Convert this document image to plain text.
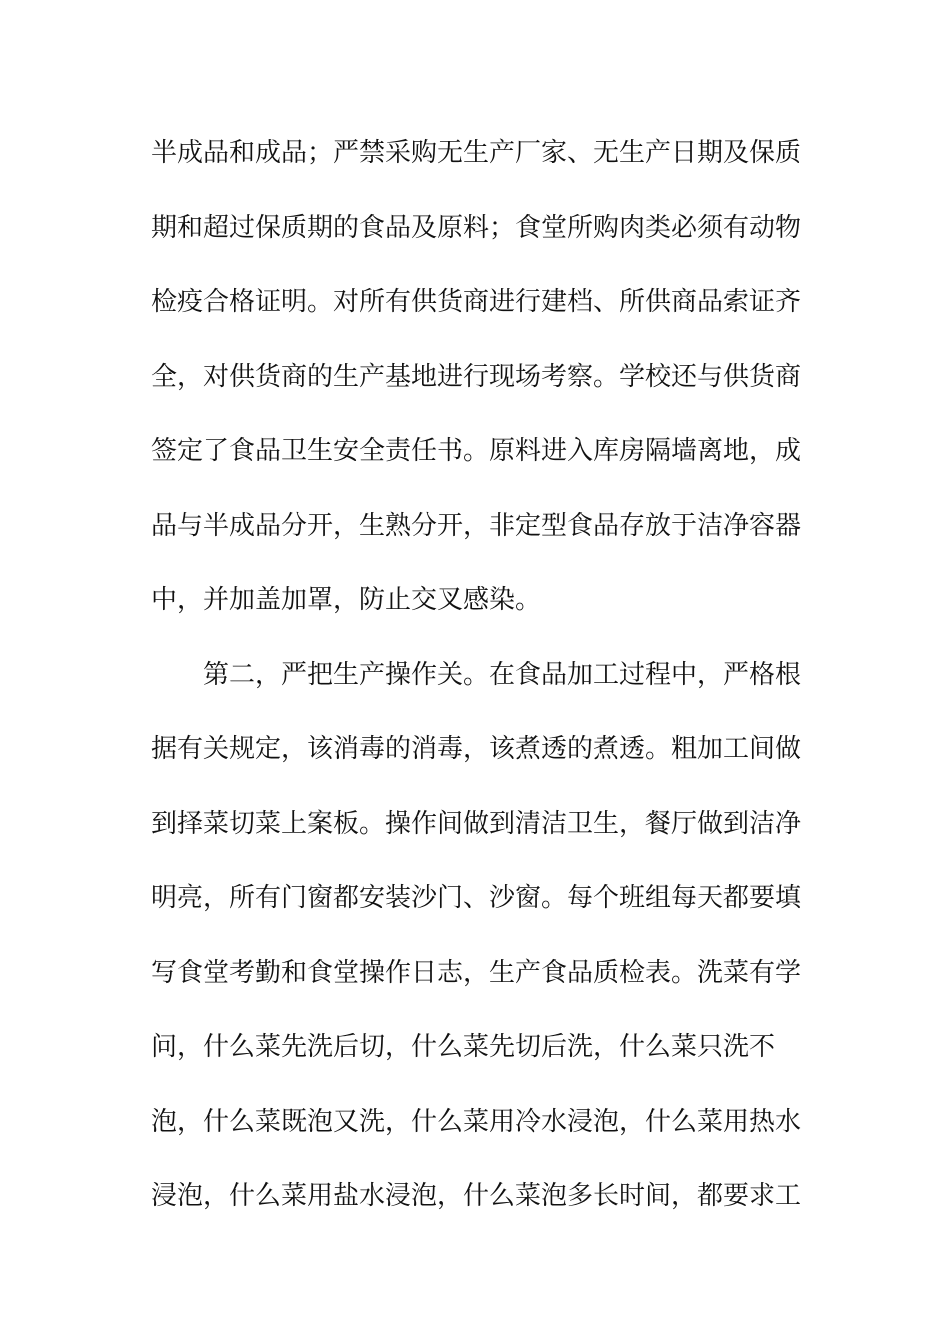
半成品和成品；严禁采购无生产厂家、无生产日期及保质
期和超过保质期的食品及原料；食堂所购肉类必须有动物
检疫合格证明。对所有供货商进行建档、所供商品索证齐
全，对供货商的生产基地进行现场考察。学校还与供货商
签定了食品卫生安全责任书。原料进入库房隔墙离地，成
品与半成品分开，生熟分开，非定型食品存放于洁净容器
中，并加盖加罩，防止交叉感染。
第二，严把生产操作关。在食品加工过程中，严格根
据有关规定，该消毒的消毒，该煮透的煮透。粗加工间做
到择菜切菜上案板。操作间做到清洁卫生，餐厅做到洁净
明亮，所有门窗都安装沙门、沙窗。每个班组每天都要填
写食堂考勤和食堂操作日志，生产食品质检表。洗菜有学
问，什么菜先洗后切，什么菜先切后洗，什么菜只洗不
泡，什么菜既泡又洗，什么菜用冷水浸泡，什么菜用热水
浸泡，什么菜用盐水浸泡，什么菜泡多长时间，都要求工
